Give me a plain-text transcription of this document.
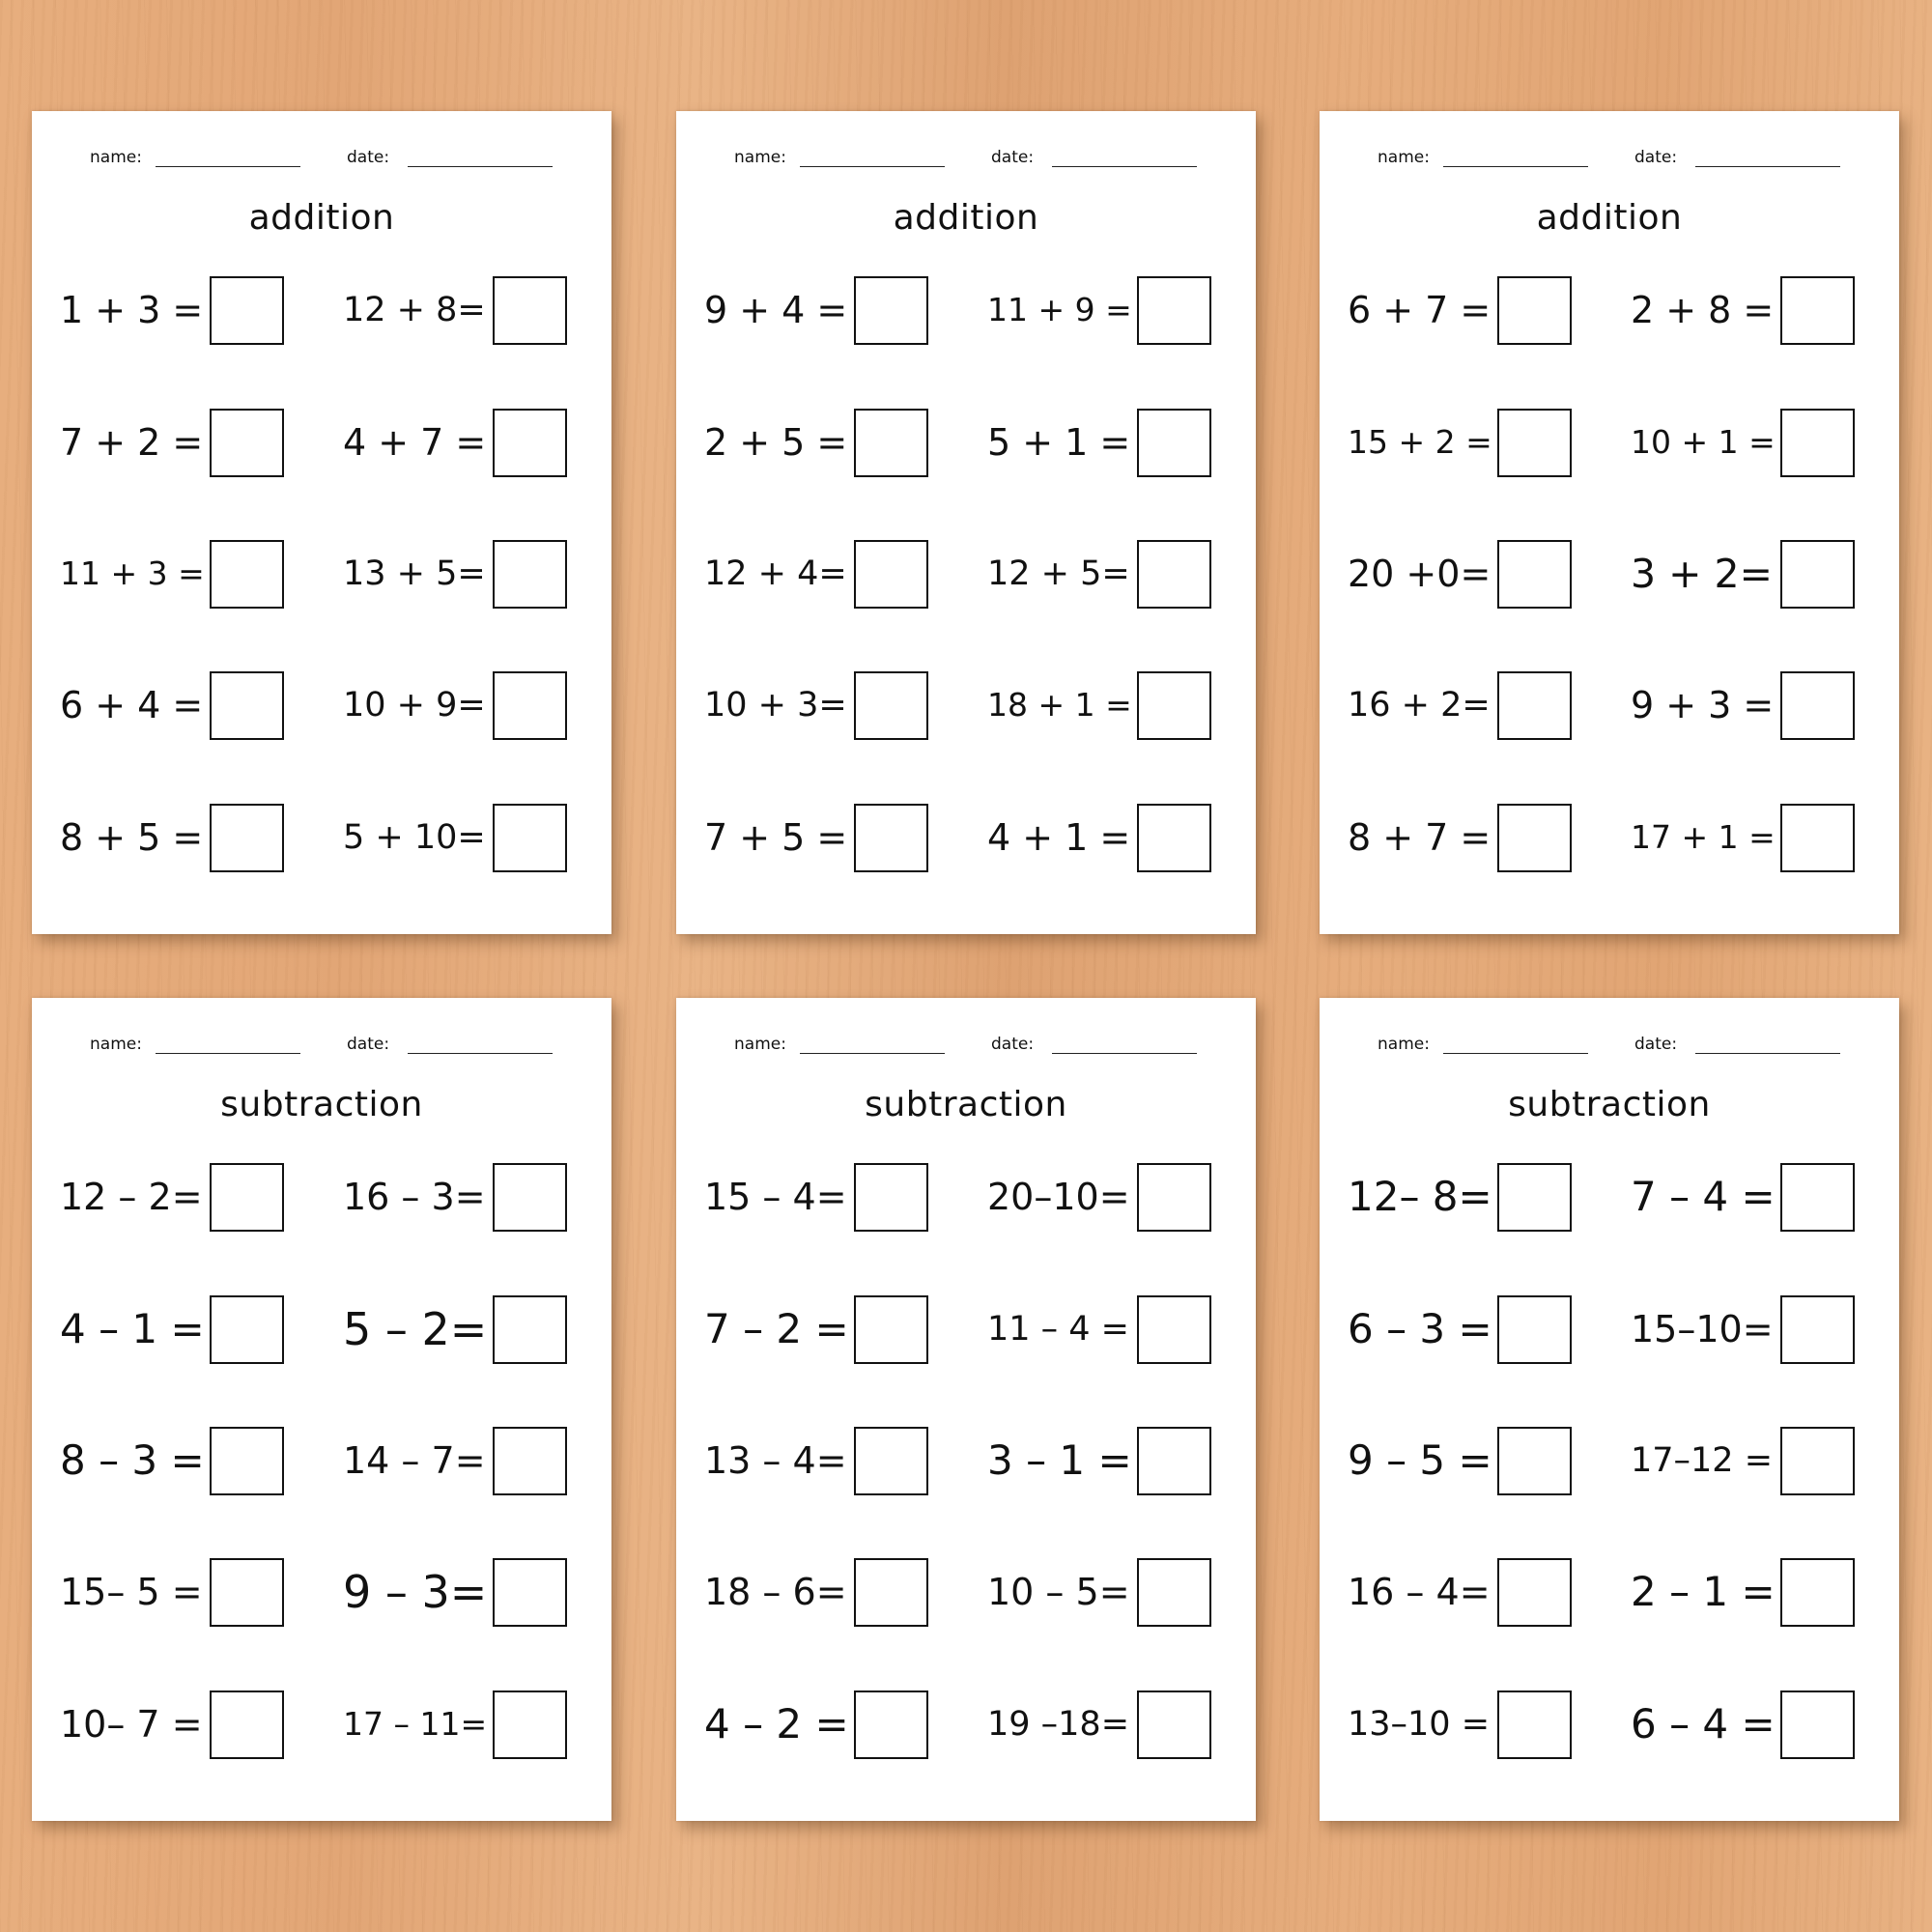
name:	date:
addition
1 + 3 =	12 + 8=
7 + 2 =	4 + 7 =
11 + 3 =	13 + 5=
6 + 4 =	10 + 9=
8 + 5 =	5 + 10=
name:	date:
addition
9 + 4 =	11 + 9 =
2 + 5 =	5 + 1 =
12 + 4=	12 + 5=
10 + 3=	18 + 1 =
7 + 5 =	4 + 1 =
name:	date:
addition
6 + 7 =	2 + 8 =
15 + 2 =	10 + 1 =
20 +0=	3 + 2=
16 + 2=	9 + 3 =
8 + 7 =	17 + 1 =
name:	date:
subtraction
12 – 2=	16 – 3=
4 – 1 =	5 – 2=
8 – 3 =	14 – 7=
15– 5 =	9 – 3=
10– 7 =	17 – 11=
name:	date:
subtraction
15 – 4=	20–10=
7 – 2 =	11 – 4 =
13 – 4=	3 – 1 =
18 – 6=	10 – 5=
4 – 2 =	19 –18=
name:	date:
subtraction
12– 8=	7 – 4 =
6 – 3 =	15–10=
9 – 5 =	17–12 =
16 – 4=	2 – 1 =
13–10 =	6 – 4 =
